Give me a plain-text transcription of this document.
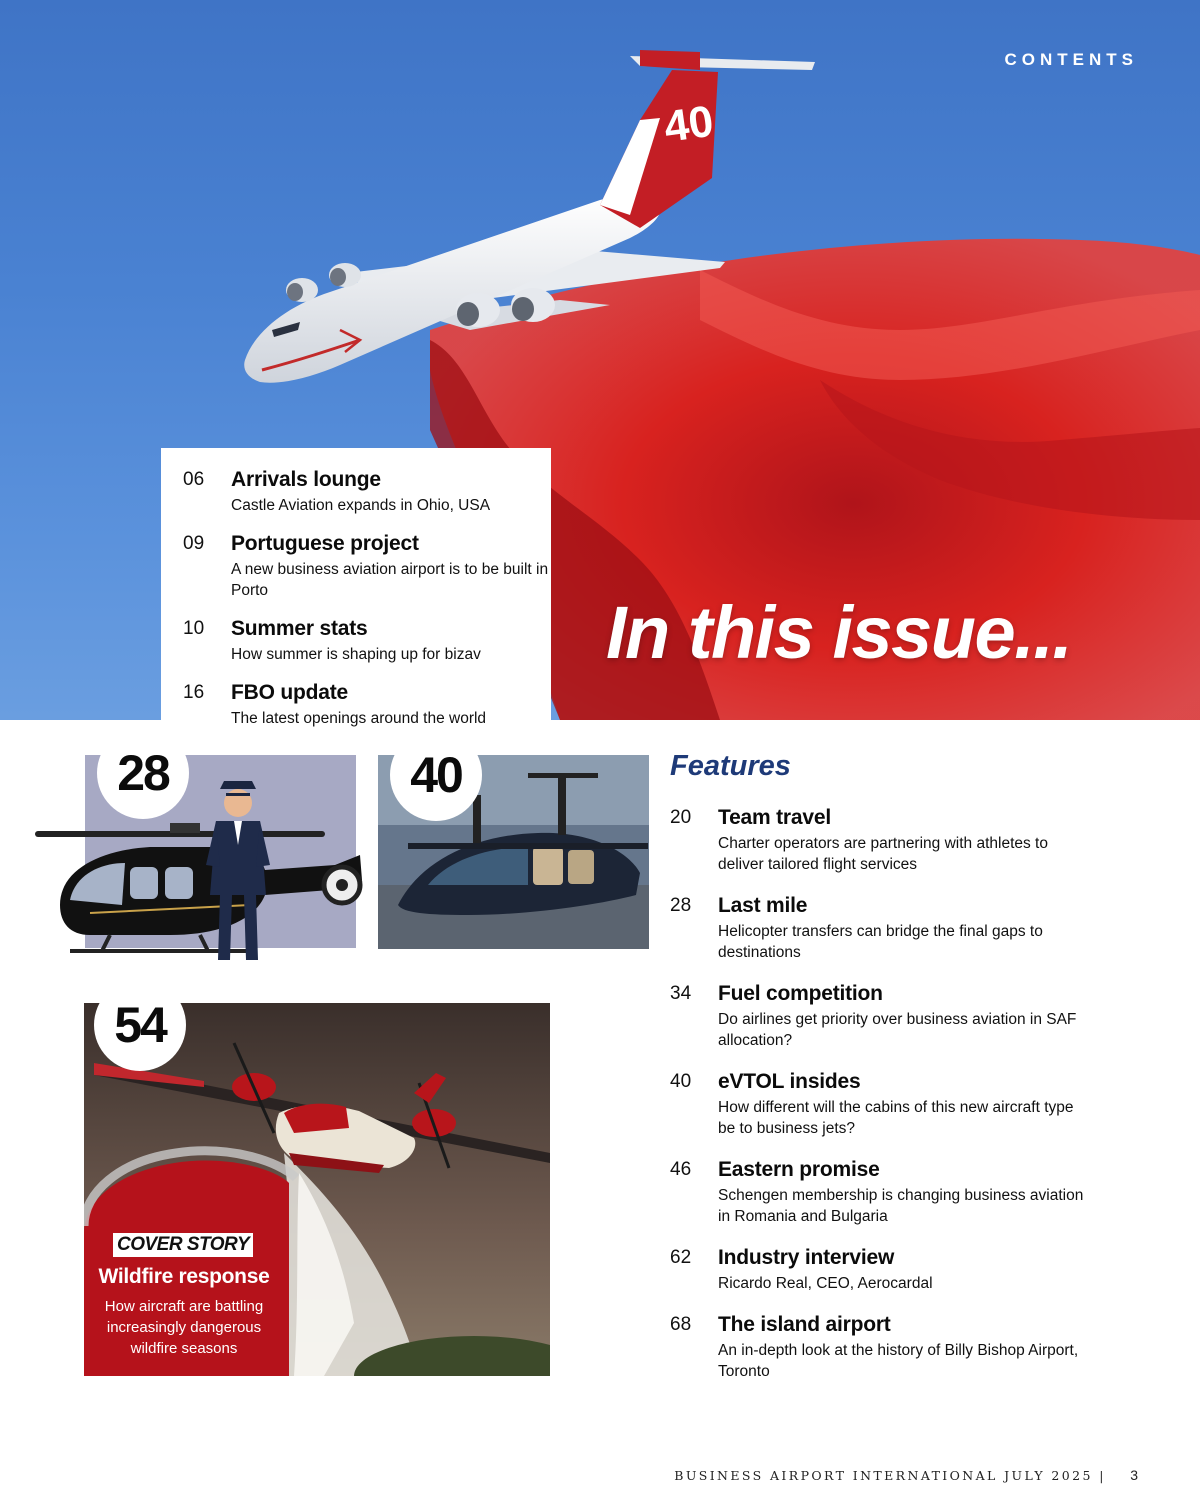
40
CONTENTS
In this issue...
06 Arrivals lounge
Castle Aviation expands in Ohio, USA
09 Portuguese project
A new business aviation airport is to be built in Porto
10 Summer stats
How summer is shaping up for bizav
16 FBO update
The latest openings around the world
28	40
54
COVER STORY
Wildfire response
How aircraft are battling increasingly dangerous wildfire seasons
Features
20 Team travel
Charter operators are partnering with athletes to deliver tailored flight services
28 Last mile
Helicopter transfers can bridge the final gaps to destinations
34 Fuel competition
Do airlines get priority over business aviation in SAF allocation?
40 eVTOL insides
How different will the cabins of this new aircraft type be to business jets?
46 Eastern promise
Schengen membership is changing business aviation in Romania and Bulgaria
62 Industry interview
Ricardo Real, CEO, Aerocardal
68 The island airport
An in-depth look at the history of Billy Bishop Airport, Toronto
BUSINESS AIRPORT INTERNATIONAL JULY 2025 | 3
